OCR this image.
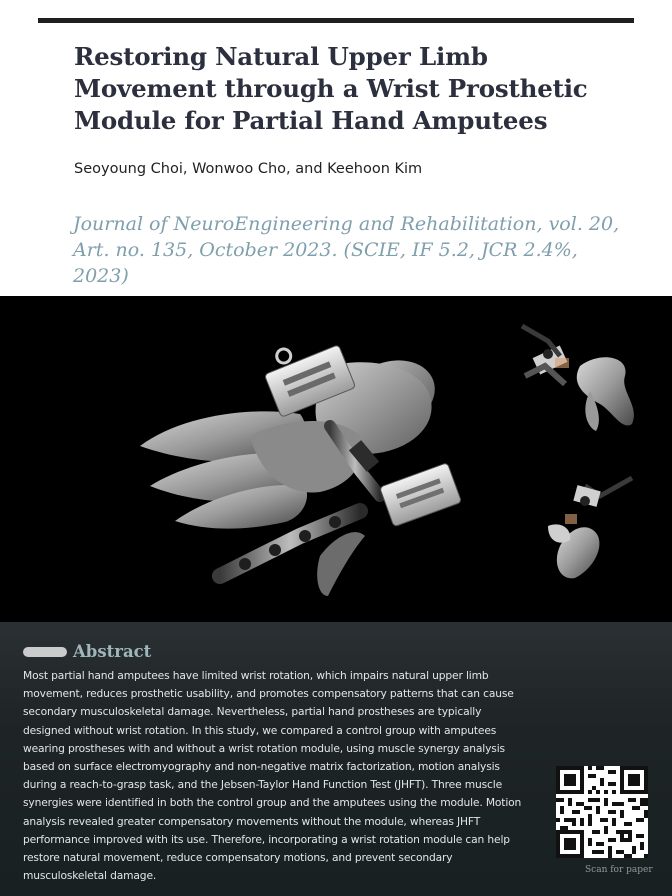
Restoring Natural Upper Limb Movement through a Wrist Prosthetic Module for Partial Hand Amputees
Seoyoung Choi, Wonwoo Cho, and Keehoon Kim
Journal of NeuroEngineering and Rehabilitation, vol. 20, Art. no. 135, October 2023. (SCIE, IF 5.2, JCR 2.4%, 2023)
Abstract

Most partial hand amputees have limited wrist rotation, which impairs natural upper limb movement, reduces prosthetic usability, and promotes compensatory patterns that can cause secondary musculoskeletal damage. Nevertheless, partial hand prostheses are typically designed without wrist rotation. In this study, we compared a control group with amputees wearing prostheses with and without a wrist rotation module, using muscle synergy analysis based on surface electromyography and non-negative matrix factorization, motion analysis during a reach-to-grasp task, and the Jebsen-Taylor Hand Function Test (JHFT). Three muscle synergies were identified in both the control group and the amputees using the module. Motion analysis revealed greater compensatory movements without the module, whereas JHFT performance improved with its use. Therefore, incorporating a wrist rotation module can help restore natural movement, reduce compensatory motions, and prevent secondary musculoskeletal damage.	Scan for paper
